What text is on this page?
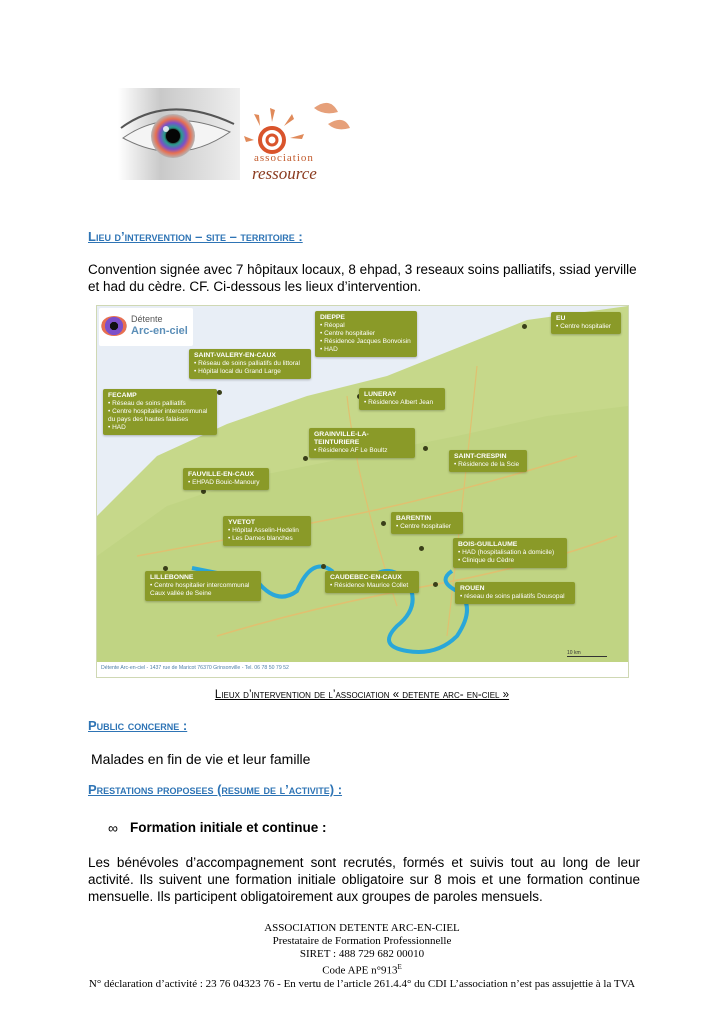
association
ressource
Lieu d’intervention – site – territoire :
Convention signée avec 7 hôpitaux locaux, 8 ehpad, 3 reseaux soins palliatifs, ssiad yerville et had du cèdre. CF. Ci-dessous les lieux d’intervention.
Détente
Arc-en-ciel
DIEPPE
• Réopal
• Centre hospitalier
• Résidence Jacques Bonvoisin
• HAD
EU
• Centre hospitalier
SAINT-VALERY-EN-CAUX
• Réseau de soins palliatifs du littoral
• Hôpital local du Grand Large
FECAMP
• Réseau de soins palliatifs
• Centre hospitalier intercommunal
du pays des hautes falaises
• HAD
LUNERAY
• Résidence Albert Jean
GRAINVILLE-LA-TEINTURIERE
• Résidence AF Le Boultz
SAINT-CRESPIN
• Résidence de la Scie
FAUVILLE-EN-CAUX
• EHPAD Bouic-Manoury
BARENTIN
• Centre hospitalier
YVETOT
• Hôpital Asselin-Hedelin
• Les Dames blanches
BOIS-GUILLAUME
• HAD (hospitalisation à domicile)
• Clinique du Cèdre
LILLEBONNE
• Centre hospitalier intercommunal
Caux vallée de Seine
CAUDEBEC-EN-CAUX
• Résidence Maurice Collet	ROUEN
• réseau de soins palliatifs Dousopal
10 km
Détente Arc-en-ciel - 1437 rue de Maricot 76370 Grinsonville - Tel. 06 78 50 79 52
Lieux d’intervention de l’association « detente arc- en-ciel »
Public concerne :
Malades en fin de vie et leur famille
Prestations proposees (resume de l’activite) :
∞ Formation initiale et continue :
Les bénévoles d’accompagnement sont recrutés, formés et suivis tout au long de leur activité. Ils suivent une formation initiale obligatoire sur 8 mois et une formation continue mensuelle. Ils participent obligatoirement aux groupes de paroles mensuels.
ASSOCIATION DETENTE ARC-EN-CIEL
Prestataire de Formation Professionnelle
SIRET : 488 729 682 00010
Code APE $n^\circ 913^E$
N° déclaration d’activité : 23 76 04323 76 - En vertu de l’article 261.4.4° du CDI L’association n’est pas assujettie à la TVA
